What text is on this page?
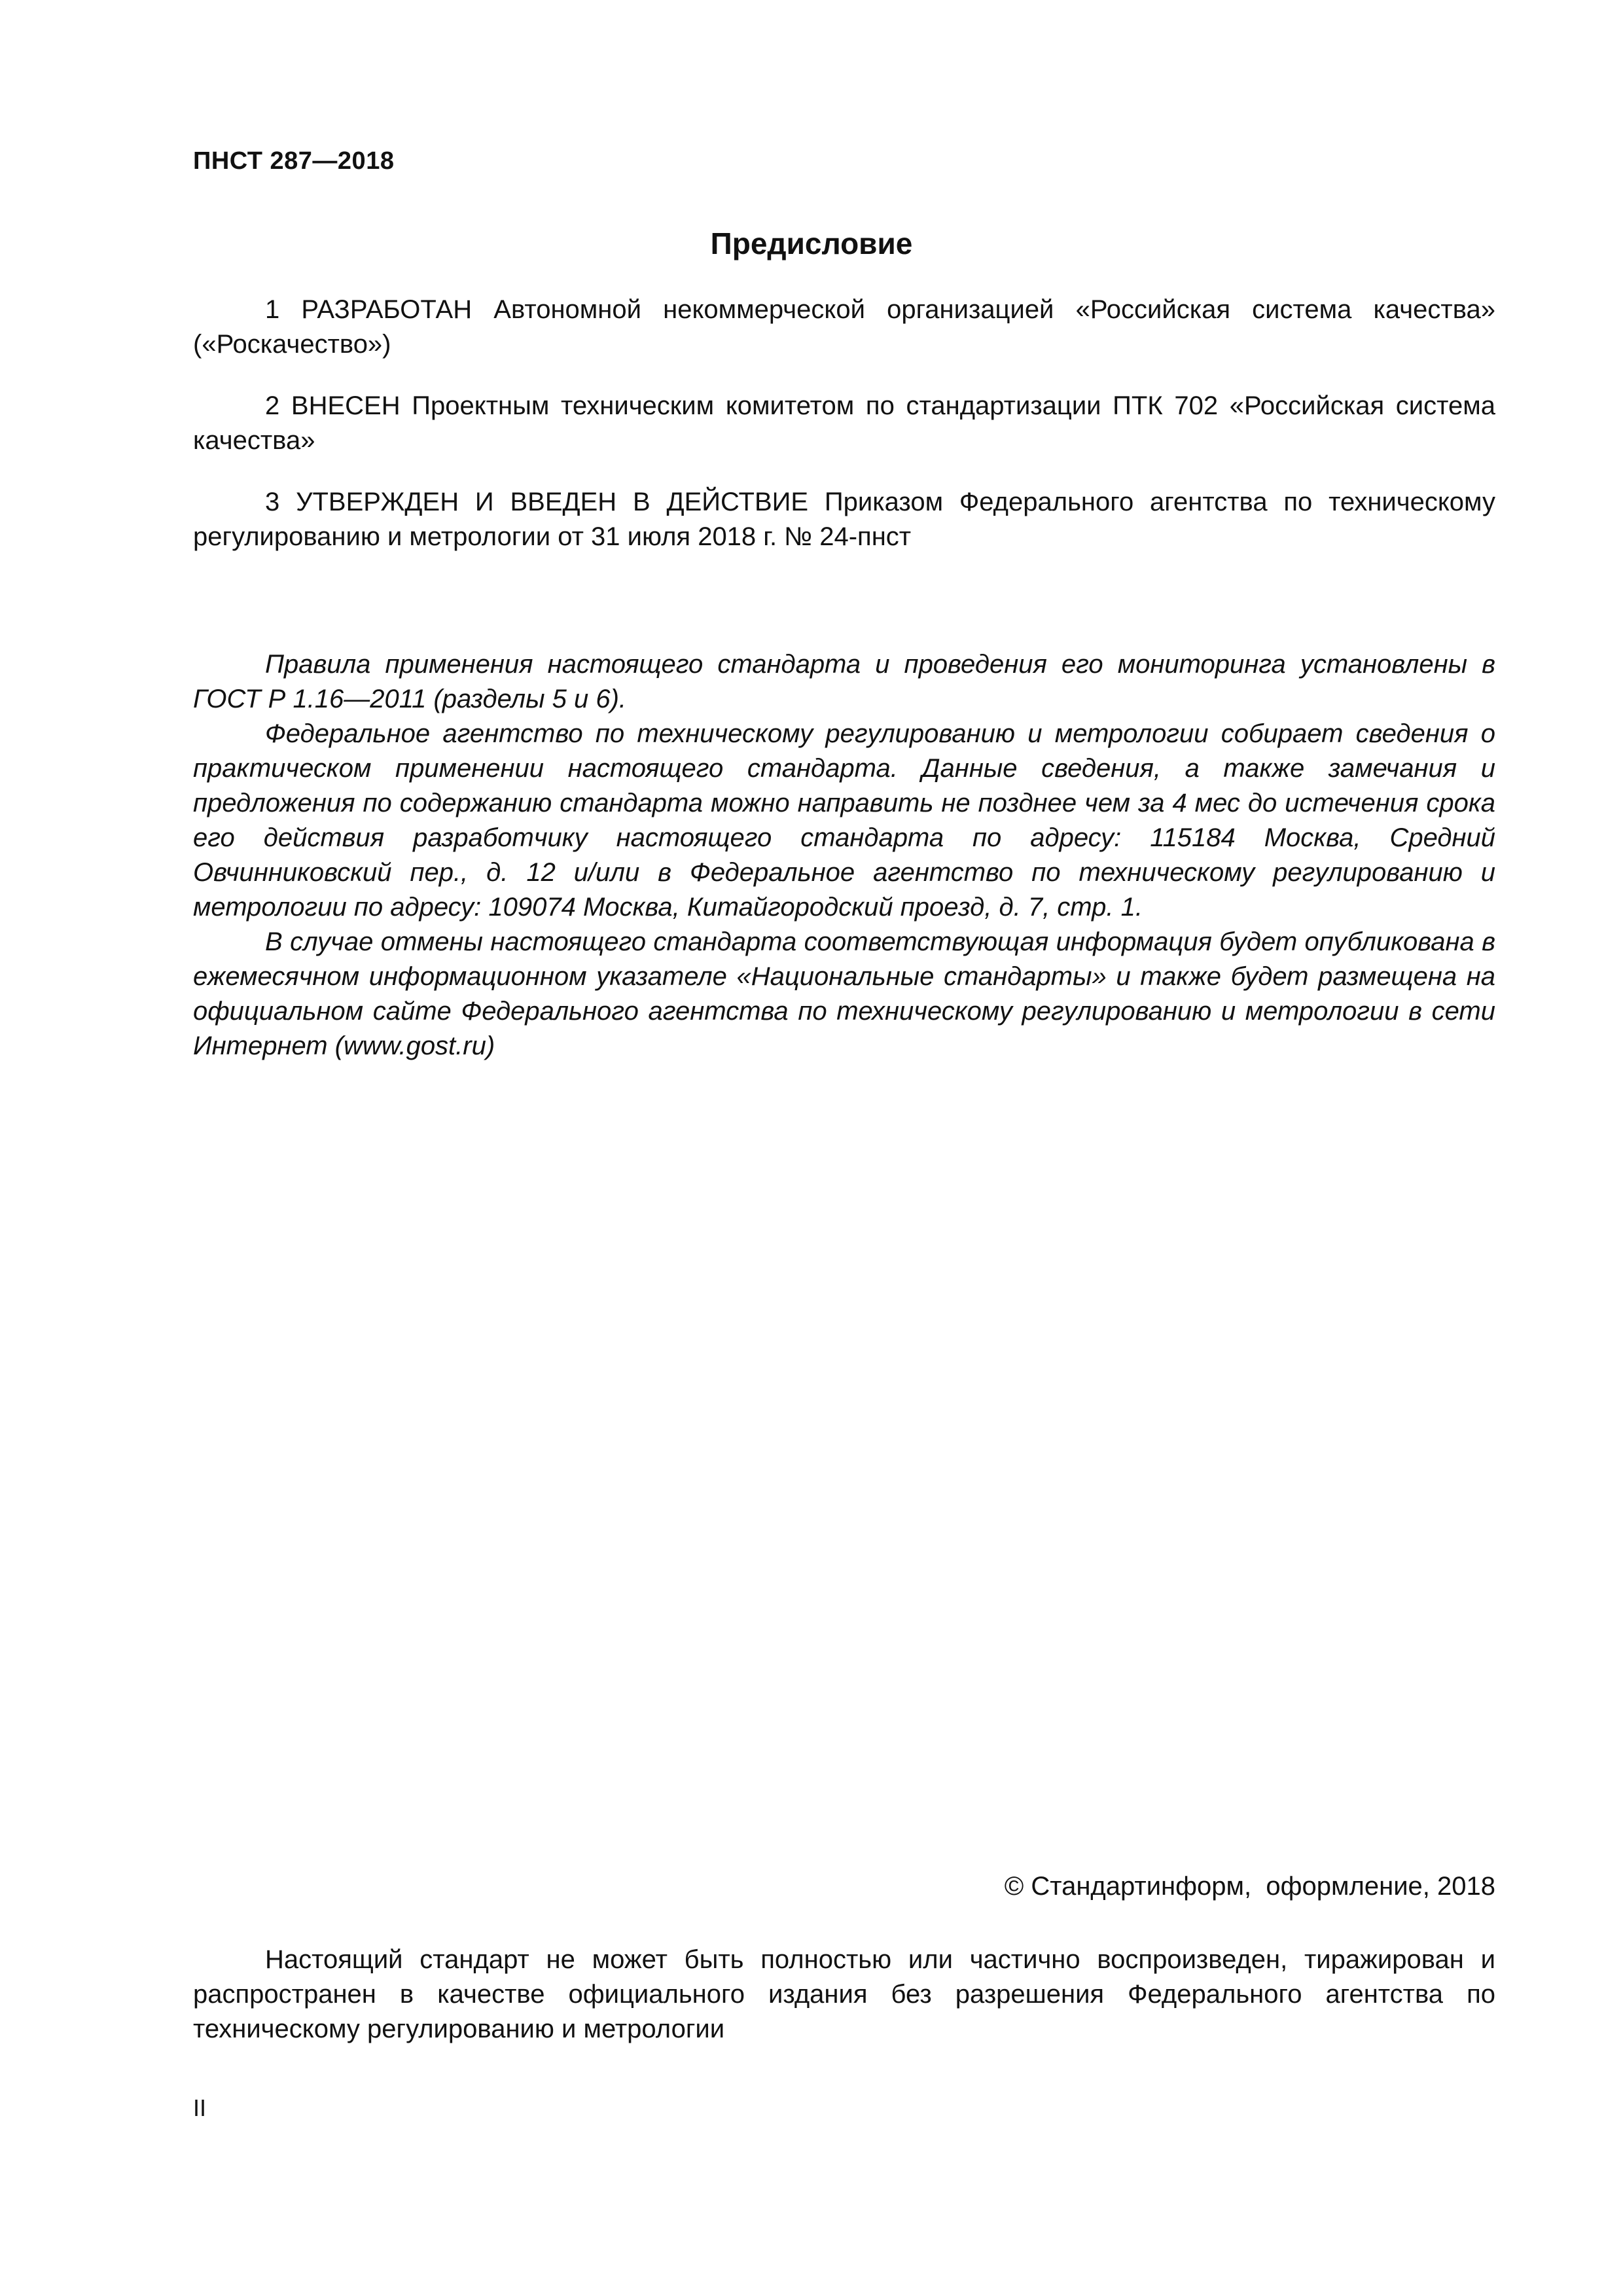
ПНСТ 287—2018
Предисловие

1 РАЗРАБОТАН Автономной некоммерческой организацией «Российская система качества» («Роскачество»)

2 ВНЕСЕН Проектным техническим комитетом по стандартизации ПТК 702 «Российская система качества»

3 УТВЕРЖДЕН И ВВЕДЕН В ДЕЙСТВИЕ Приказом Федерального агентства по техническому регулированию и метрологии от 31 июля 2018 г. № 24-пнст

Правила применения настоящего стандарта и проведения его мониторинга установлены в ГОСТ Р 1.16—2011 (разделы 5 и 6).

Федеральное агентство по техническому регулированию и метрологии собирает сведения о практическом применении настоящего стандарта. Данные сведения, а также замечания и предложения по содержанию стандарта можно направить не позднее чем за 4 мес до истечения срока его действия разработчику настоящего стандарта по адресу: 115184 Москва, Средний Овчинниковский пер., д. 12 и/или в Федеральное агентство по техническому регулированию и метрологии по адресу: 109074 Москва, Китайгородский проезд, д. 7, стр. 1.

В случае отмены настоящего стандарта соответствующая информация будет опубликована в ежемесячном информационном указателе «Национальные стандарты» и также будет размещена на официальном сайте Федерального агентства по техническому регулированию и метрологии в сети Интернет (www.gost.ru)

© Стандартинформ,  оформление, 2018

Настоящий стандарт не может быть полностью или частично воспроизведен, тиражирован и распространен в качестве официального издания без разрешения Федерального агентства по техническому регулированию и метрологии

II
